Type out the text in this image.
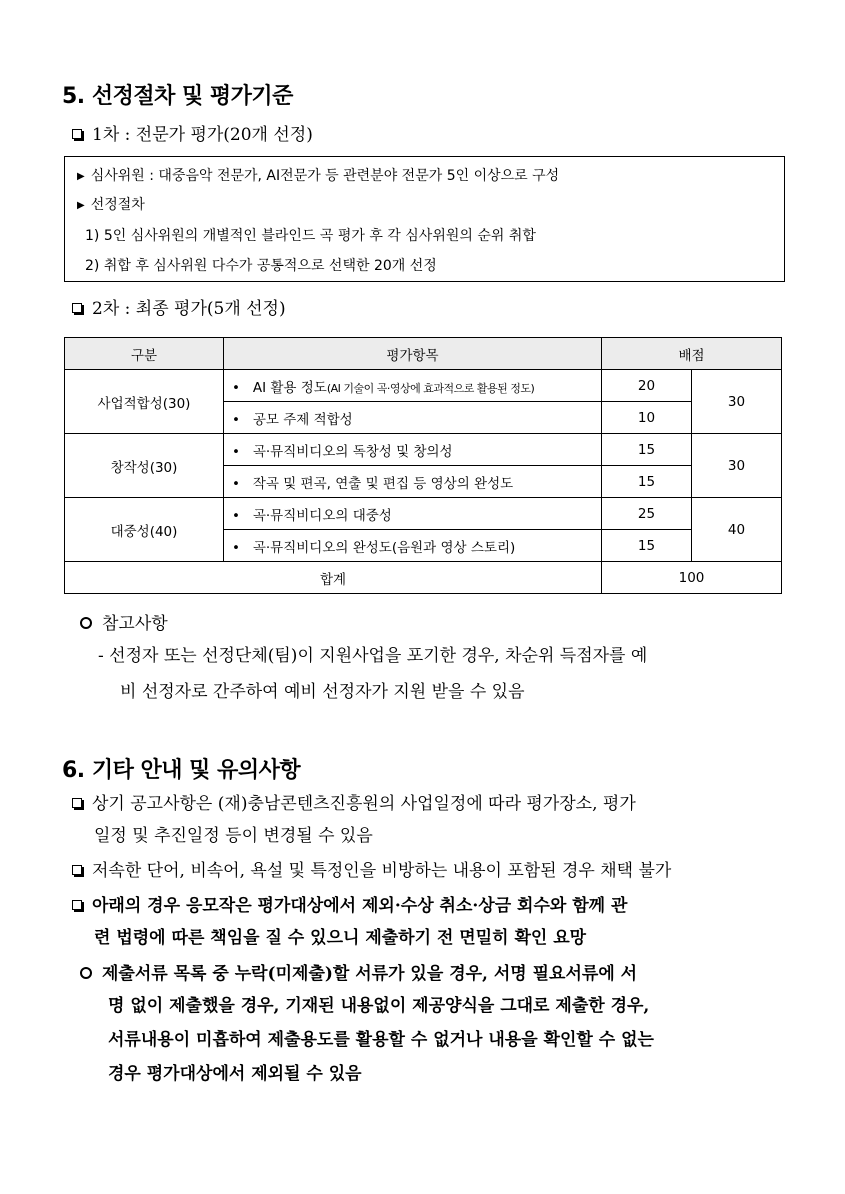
5. 선정절차 및 평가기준
1차 : 전문가 평가(20개 선정)
▶ 심사위원 : 대중음악 전문가, AI전문가 등 관련분야 전문가 5인 이상으로 구성
▶ 선정절차
1) 5인 심사위원의 개별적인 블라인드 곡 평가 후 각 심사위원의 순위 취합
2) 취합 후 심사위원 다수가 공통적으로 선택한 20개 선정
2차 : 최종 평가(5개 선정)
구분	평가항목	배점	
사업적합성(30)	• AI 활용 정도(AI 기술이 곡·영상에 효과적으로 활용된 정도)	20	30
	• 공모 주제 적합성	10	
창작성(30)	• 곡·뮤직비디오의 독창성 및 창의성	15	30
	• 작곡 및 편곡, 연출 및 편집 등 영상의 완성도	15	
대중성(40)	• 곡·뮤직비디오의 대중성	25	40
	• 곡·뮤직비디오의 완성도(음원과 영상 스토리)	15	
합계		100	
참고사항
- 선정자 또는 선정단체(팀)이 지원사업을 포기한 경우, 차순위 득점자를 예
비 선정자로 간주하여 예비 선정자가 지원 받을 수 있음
6. 기타 안내 및 유의사항
상기 공고사항은 (재)충남콘텐츠진흥원의 사업일정에 따라 평가장소, 평가
일정 및 추진일정 등이 변경될 수 있음
저속한 단어, 비속어, 욕설 및 특정인을 비방하는 내용이 포함된 경우 채택 불가
아래의 경우 응모작은 평가대상에서 제외·수상 취소·상금 회수와 함께 관
련 법령에 따른 책임을 질 수 있으니 제출하기 전 면밀히 확인 요망
제출서류 목록 중 누락(미제출)할 서류가 있을 경우, 서명 필요서류에 서
명 없이 제출했을 경우, 기재된 내용없이 제공양식을 그대로 제출한 경우,
서류내용이 미흡하여 제출용도를 활용할 수 없거나 내용을 확인할 수 없는
경우 평가대상에서 제외될 수 있음
